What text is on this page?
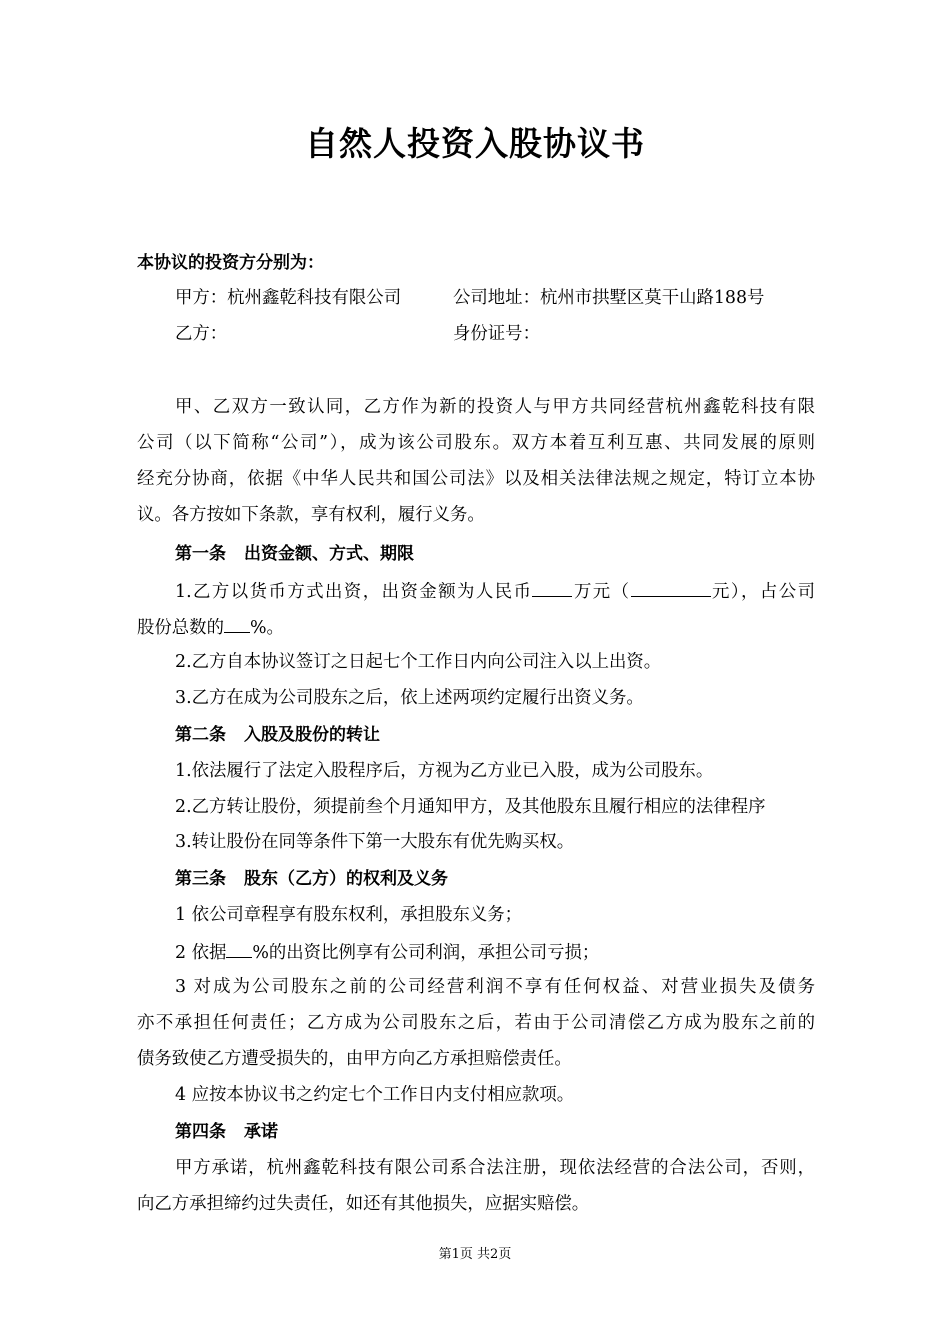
自然人投资入股协议书
本协议的投资方分别为：
甲方：杭州鑫乾科技有限公司	公司地址：杭州市拱墅区莫干山路188号
乙方：	身份证号：
甲、乙双方一致认同，乙方作为新的投资人与甲方共同经营杭州鑫乾科技有限
公司（以下简称“公司”），成为该公司股东。双方本着互利互惠、共同发展的原则
经充分协商，依据《中华人民共和国公司法》以及相关法律法规之规定，特订立本协
议。各方按如下条款，享有权利，履行义务。
第一条 出资金额、方式、期限
1.乙方以货币方式出资，出资金额为人民币 万元（	元），占公司
股份总数的 %。
2.乙方自本协议签订之日起七个工作日内向公司注入以上出资。
3.乙方在成为公司股东之后，依上述两项约定履行出资义务。
第二条 入股及股份的转让
1.依法履行了法定入股程序后，方视为乙方业已入股，成为公司股东。
2.乙方转让股份，须提前叁个月通知甲方，及其他股东且履行相应的法律程序
3.转让股份在同等条件下第一大股东有优先购买权。
第三条 股东（乙方）的权利及义务
1 依公司章程享有股东权利，承担股东义务；
2 依据 %的出资比例享有公司利润，承担公司亏损；
3 对成为公司股东之前的公司经营利润不享有任何权益、对营业损失及债务
亦不承担任何责任；乙方成为公司股东之后，若由于公司清偿乙方成为股东之前的
债务致使乙方遭受损失的，由甲方向乙方承担赔偿责任。
4 应按本协议书之约定七个工作日内支付相应款项。
第四条 承诺
甲方承诺，杭州鑫乾科技有限公司系合法注册，现依法经营的合法公司，否则，
向乙方承担缔约过失责任，如还有其他损失，应据实赔偿。
第1页 共2页
